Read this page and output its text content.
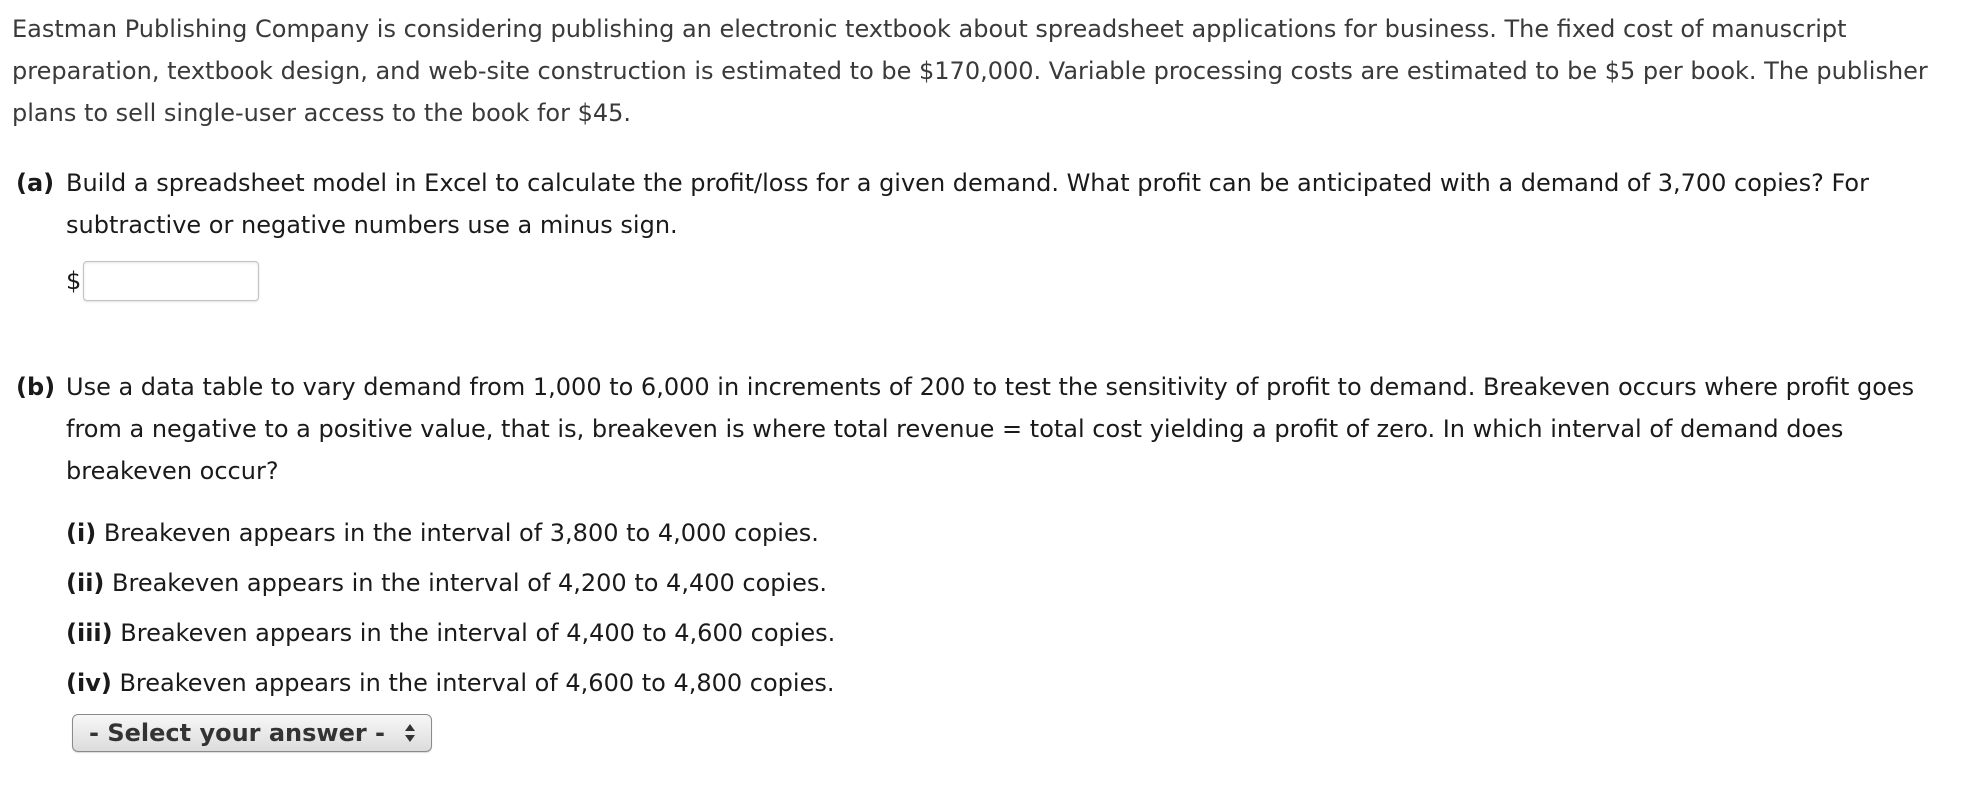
Eastman Publishing Company is considering publishing an electronic textbook about spreadsheet applications for business. The fixed cost of manuscript preparation, textbook design, and web-site construction is estimated to be $170,000. Variable processing costs are estimated to be $5 per book. The publisher plans to sell single-user access to the book for $45.

(a) Build a spreadsheet model in Excel to calculate the profit/loss for a given demand. What profit can be anticipated with a demand of 3,700 copies? For subtractive or negative numbers use a minus sign.
$
(b) Use a data table to vary demand from 1,000 to 6,000 in increments of 200 to test the sensitivity of profit to demand. Breakeven occurs where profit goes from a negative to a positive value, that is, breakeven is where total revenue = total cost yielding a profit of zero. In which interval of demand does breakeven occur?
(i) Breakeven appears in the interval of 3,800 to 4,000 copies.
(ii) Breakeven appears in the interval of 4,200 to 4,400 copies.
(iii) Breakeven appears in the interval of 4,400 to 4,600 copies.
(iv) Breakeven appears in the interval of 4,600 to 4,800 copies.
- Select your answer -
